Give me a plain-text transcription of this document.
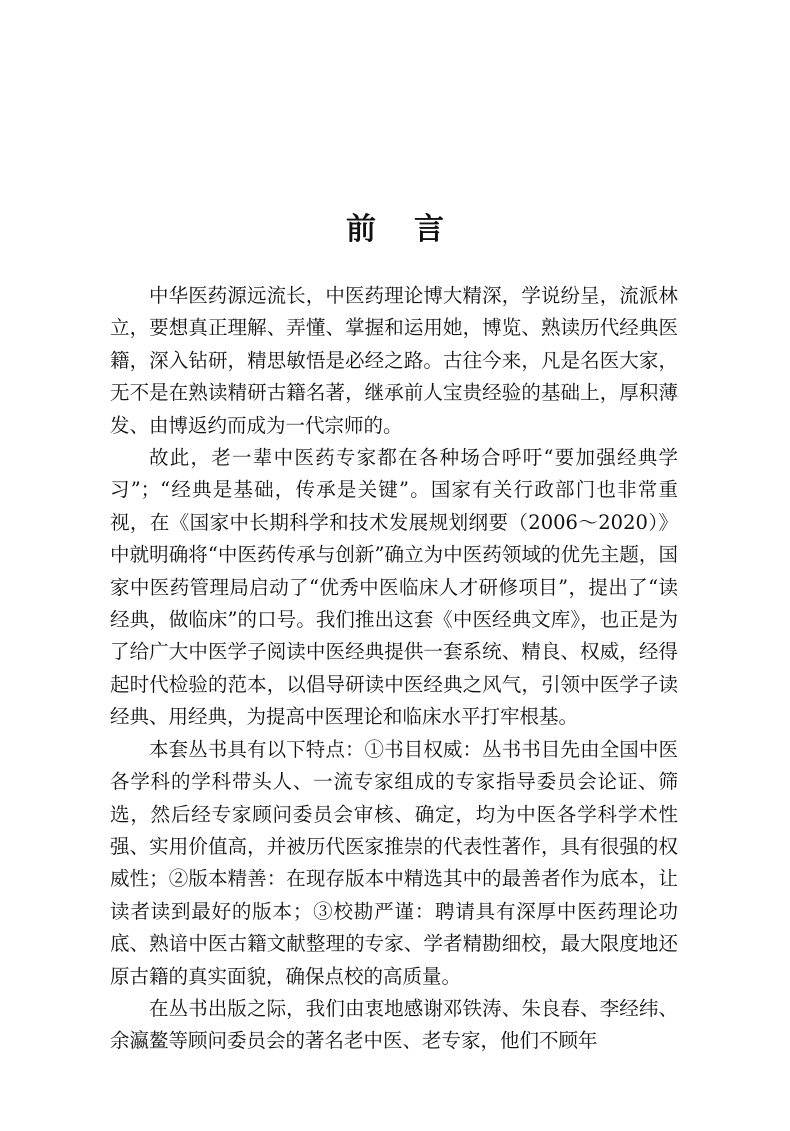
前言

中华医药源远流长，中医药理论博大精深，学说纷呈，流派林立，要想真正理解、弄懂、掌握和运用她，博览、熟读历代经典医籍，深入钻研，精思敏悟是必经之路。古往今来，凡是名医大家，无不是在熟读精研古籍名著，继承前人宝贵经验的基础上，厚积薄发、由博返约而成为一代宗师的。

故此，老一辈中医药专家都在各种场合呼吁“要加强经典学习”；“经典是基础，传承是关键”。国家有关行政部门也非常重视，在《国家中长期科学和技术发展规划纲要（2006～2020）》中就明确将“中医药传承与创新”确立为中医药领域的优先主题，国家中医药管理局启动了“优秀中医临床人才研修项目”，提出了“读经典，做临床”的口号。我们推出这套《中医经典文库》，也正是为了给广大中医学子阅读中医经典提供一套系统、精良、权威，经得起时代检验的范本，以倡导研读中医经典之风气，引领中医学子读经典、用经典，为提高中医理论和临床水平打牢根基。

本套丛书具有以下特点：①书目权威：丛书书目先由全国中医各学科的学科带头人、一流专家组成的专家指导委员会论证、筛选，然后经专家顾问委员会审核、确定，均为中医各学科学术性强、实用价值高，并被历代医家推崇的代表性著作，具有很强的权威性；②版本精善：在现存版本中精选其中的最善者作为底本，让读者读到最好的版本；③校勘严谨：聘请具有深厚中医药理论功底、熟谙中医古籍文献整理的专家、学者精勘细校，最大限度地还原古籍的真实面貌，确保点校的高质量。

在丛书出版之际，我们由衷地感谢邓铁涛、朱良春、李经纬、余瀛鳌等顾问委员会的著名老中医、老专家，他们不顾年
